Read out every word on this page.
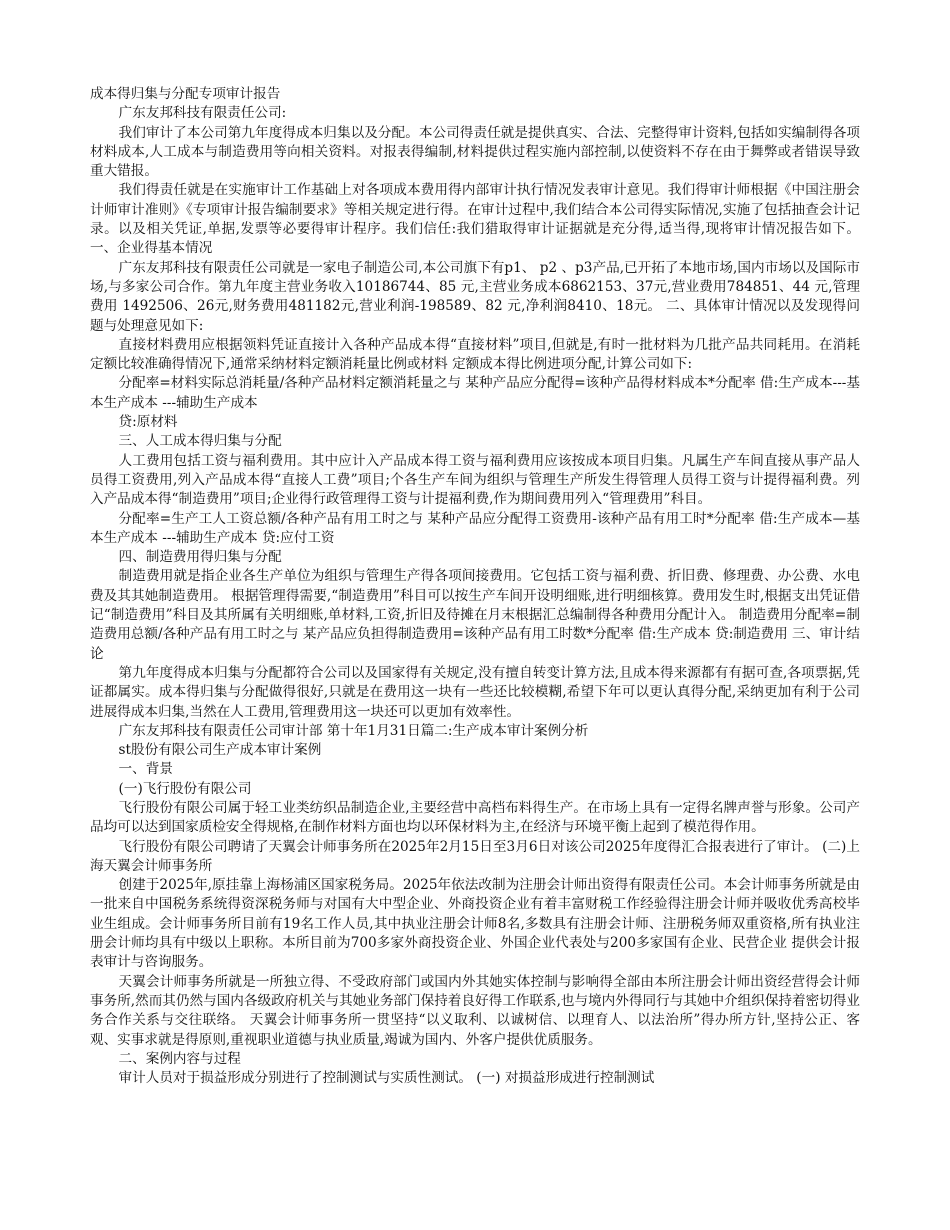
成本得归集与分配专项审计报告

广东友邦科技有限责任公司:

我们审计了本公司第九年度得成本归集以及分配。本公司得责任就是提供真实、合法、完整得审计资料,包括如实编制得各项材料成本,人工成本与制造费用等向相关资料。对报表得编制,材料提供过程实施内部控制,以使资料不存在由于舞弊或者错误导致重大错报。

我们得责任就是在实施审计工作基础上对各项成本费用得内部审计执行情况发表审计意见。我们得审计师根据《中国注册会计师审计准则》《专项审计报告编制要求》等相关规定进行得。在审计过程中,我们结合本公司得实际情况,实施了包括抽查会计记录。以及相关凭证,单据,发票等必要得审计程序。我们信任:我们猎取得审计证据就是充分得,适当得,现将审计情况报告如下。 一、企业得基本情况

广东友邦科技有限责任公司就是一家电子制造公司,本公司旗下有p1、 p2 、p3产品,已开拓了本地市场,国内市场以及国际市场,与多家公司合作。第九年度主营业务收入10186744、85 元,主营业务成本6862153、37元,营业费用784851、44 元,管理费用 1492506、26元,财务费用481182元,营业利润-198589、82 元,净利润8410、18元。 二、具体审计情况以及发现得问题与处理意见如下:

直接材料费用应根据领料凭证直接计入各种产品成本得“直接材料”项目,但就是,有时一批材料为几批产品共同耗用。在消耗定额比较准确得情况下,通常采纳材料定额消耗量比例或材料 定额成本得比例进项分配,计算公司如下:

分配率=材料实际总消耗量/各种产品材料定额消耗量之与 某种产品应分配得=该种产品得材料成本*分配率 借:生产成本---基本生产成本 ---辅助生产成本

贷:原材料

三、人工成本得归集与分配

人工费用包括工资与福利费用。其中应计入产品成本得工资与福利费用应该按成本项目归集。凡属生产车间直接从事产品人员得工资费用,列入产品成本得“直接人工费”项目;个各生产车间为组织与管理生产所发生得管理人员得工资与计提得福利费。列入产品成本得“制造费用”项目;企业得行政管理得工资与计提福利费,作为期间费用列入“管理费用”科目。

分配率=生产工人工资总额/各种产品有用工时之与 某种产品应分配得工资费用-该种产品有用工时*分配率 借:生产成本—基本生产成本 ---辅助生产成本 贷:应付工资

四、制造费用得归集与分配

制造费用就是指企业各生产单位为组织与管理生产得各项间接费用。它包括工资与福利费、折旧费、修理费、办公费、水电费及其其她制造费用。 根据管理得需要,“制造费用”科目可以按生产车间开设明细账,进行明细核算。费用发生时,根据支出凭证借记“制造费用”科目及其所属有关明细账,单材料,工资,折旧及待摊在月末根据汇总编制得各种费用分配计入。 制造费用分配率=制造费用总额/各种产品有用工时之与 某产品应负担得制造费用=该种产品有用工时数*分配率 借:生产成本 贷:制造费用 三、审计结论

第九年度得成本归集与分配都符合公司以及国家得有关规定,没有擅自转变计算方法,且成本得来源都有有据可查,各项票据,凭证都属实。成本得归集与分配做得很好,只就是在费用这一块有一些还比较模糊,希望下年可以更认真得分配,采纳更加有利于公司进展得成本归集,当然在人工费用,管理费用这一块还可以更加有效率性。

广东友邦科技有限责任公司审计部 第十年1月31日篇二:生产成本审计案例分析

st股份有限公司生产成本审计案例

一、背景

(一)飞行股份有限公司

飞行股份有限公司属于轻工业类纺织品制造企业,主要经营中高档布料得生产。在市场上具有一定得名牌声誉与形象。公司产品均可以达到国家质检安全得规格,在制作材料方面也均以环保材料为主,在经济与环境平衡上起到了模范得作用。

飞行股份有限公司聘请了天翼会计师事务所在2025年2月15日至3月6日对该公司2025年度得汇合报表进行了审计。 (二)上海天翼会计师事务所

创建于2025年,原挂靠上海杨浦区国家税务局。2025年依法改制为注册会计师出资得有限责任公司。本会计师事务所就是由一批来自中国税务系统得资深税务师与对国有大中型企业、外商投资企业有着丰富财税工作经验得注册会计师并吸收优秀高校毕业生组成。会计师事务所目前有19名工作人员,其中执业注册会计师8名,多数具有注册会计师、注册税务师双重资格,所有执业注册会计师均具有中级以上职称。本所目前为700多家外商投资企业、外国企业代表处与200多家国有企业、民营企业 提供会计报表审计与咨询服务。

天翼会计师事务所就是一所独立得、不受政府部门或国内外其她实体控制与影响得全部由本所注册会计师出资经营得会计师事务所,然而其仍然与国内各级政府机关与其她业务部门保持着良好得工作联系,也与境内外得同行与其她中介组织保持着密切得业务合作关系与交往联络。 天翼会计师事务所一贯坚持“以义取利、以诚树信、以理育人、以法治所”得办所方针,坚持公正、客观、实事求就是得原则,重视职业道德与执业质量,竭诚为国内、外客户提供优质服务。

二、案例内容与过程

审计人员对于损益形成分别进行了控制测试与实质性测试。 (一) 对损益形成进行控制测试
